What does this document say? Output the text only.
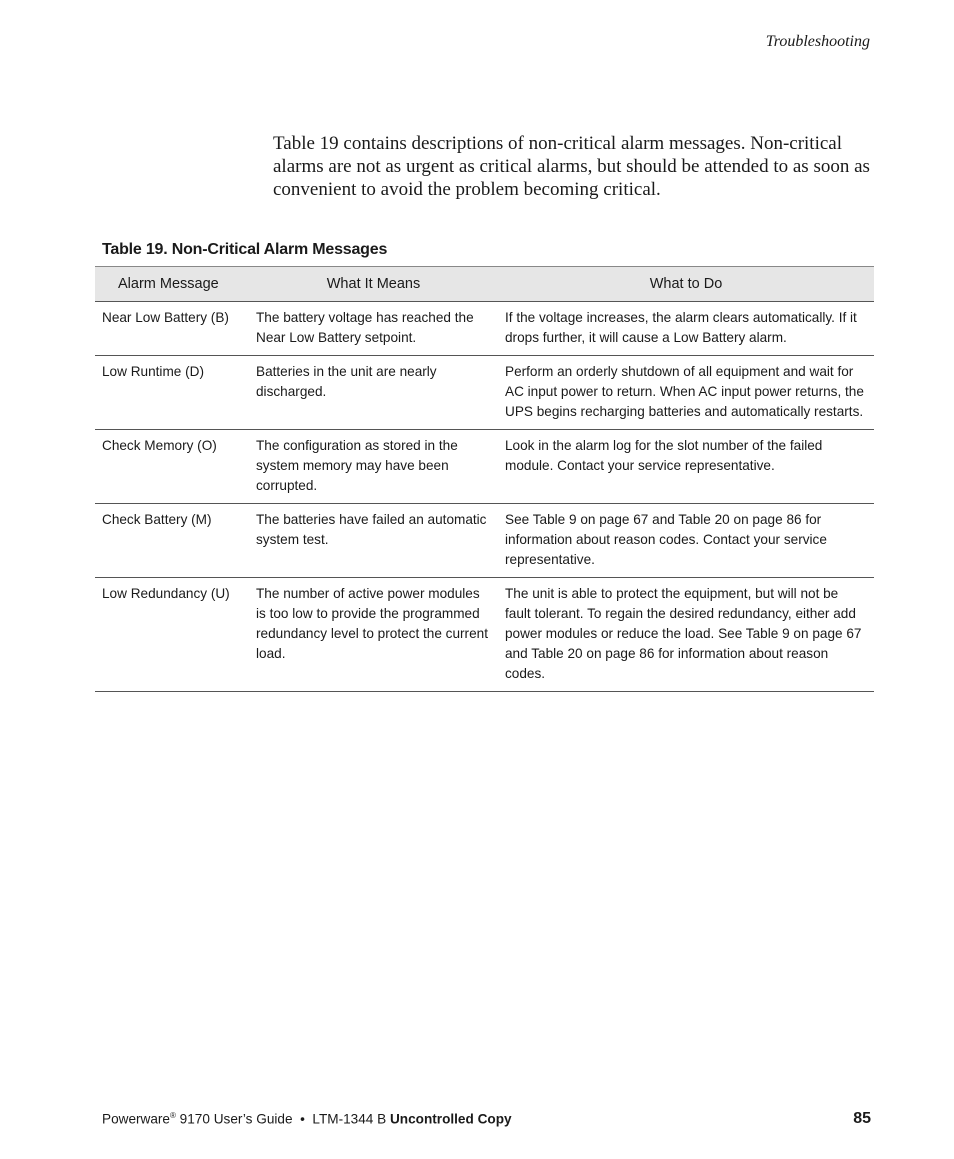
Troubleshooting

Table 19 contains descriptions of non-critical alarm messages. Non-critical alarms are not as urgent as critical alarms, but should be attended to as soon as convenient to avoid the problem becoming critical.

Table 19. Non-Critical Alarm Messages
Alarm Message	What It Means	What to Do
Near Low Battery (B)	The battery voltage has reached the Near Low Battery setpoint.	If the voltage increases, the alarm clears automatically. If it drops further, it will cause a Low Battery alarm.
Low Runtime (D)	Batteries in the unit are nearly discharged.	Perform an orderly shutdown of all equipment and wait for AC input power to return. When AC input power returns, the UPS begins recharging batteries and automatically restarts.
Check Memory (O)	The configuration as stored in the system memory may have been corrupted.	Look in the alarm log for the slot number of the failed module. Contact your service representative.
Check Battery (M)	The batteries have failed an automatic system test.	See Table 9 on page 67 and Table 20 on page 86 for information about reason codes. Contact your service representative.
Low Redundancy (U)	The number of active power modules is too low to provide the programmed redundancy level to protect the current load.	The unit is able to protect the equipment, but will not be fault tolerant. To regain the desired redundancy, either add power modules or reduce the load. See Table 9 on page 67 and Table 20 on page 86 for information about reason codes.
Powerware® 9170 User’s Guide  •  LTM-1344 B Uncontrolled Copy	85
